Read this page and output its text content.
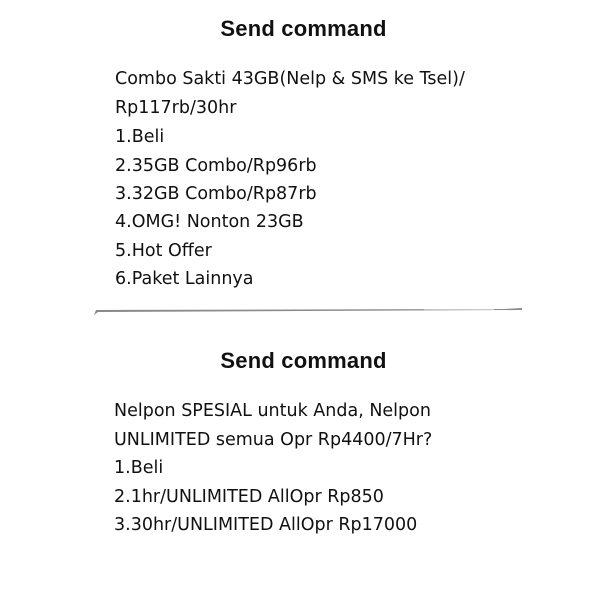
Send command
Combo Sakti 43GB(Nelp & SMS ke Tsel)/
Rp117rb/30hr
1.Beli
2.35GB Combo/Rp96rb
3.32GB Combo/Rp87rb
4.OMG! Nonton 23GB
5.Hot Offer
6.Paket Lainnya
Send command
Nelpon SPESIAL untuk Anda, Nelpon
UNLIMITED semua Opr Rp4400/7Hr?
1.Beli
2.1hr/UNLIMITED AllOpr Rp850
3.30hr/UNLIMITED AllOpr Rp17000
